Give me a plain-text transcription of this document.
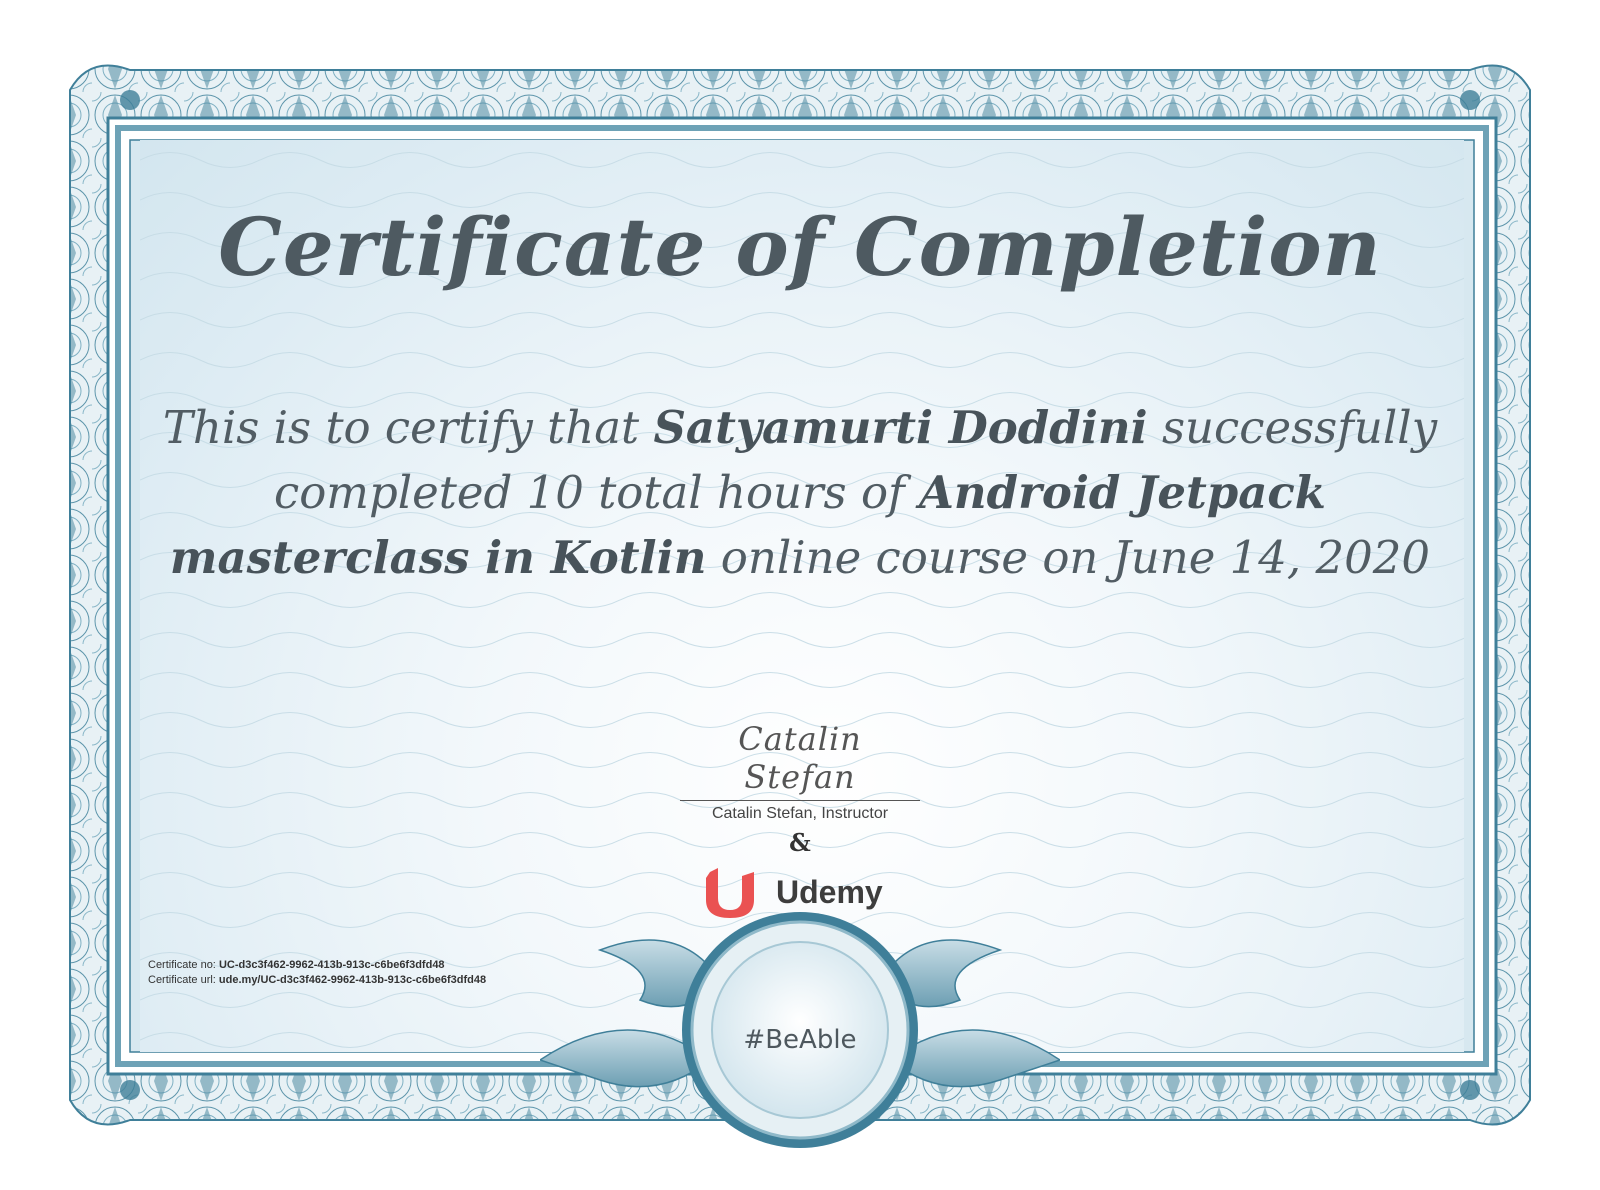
Certificate of Completion
This is to certify that Satyamurti Doddini successfully completed 10 total hours of Android Jetpack masterclass in Kotlin online course on June 14, 2020
Catalin Stefan
Catalin Stefan, Instructor
&
Udemy
Certificate no: UC-d3c3f462-9962-413b-913c-c6be6f3dfd48
Certificate url: ude.my/UC-d3c3f462-9962-413b-913c-c6be6f3dfd48
#BeAble
